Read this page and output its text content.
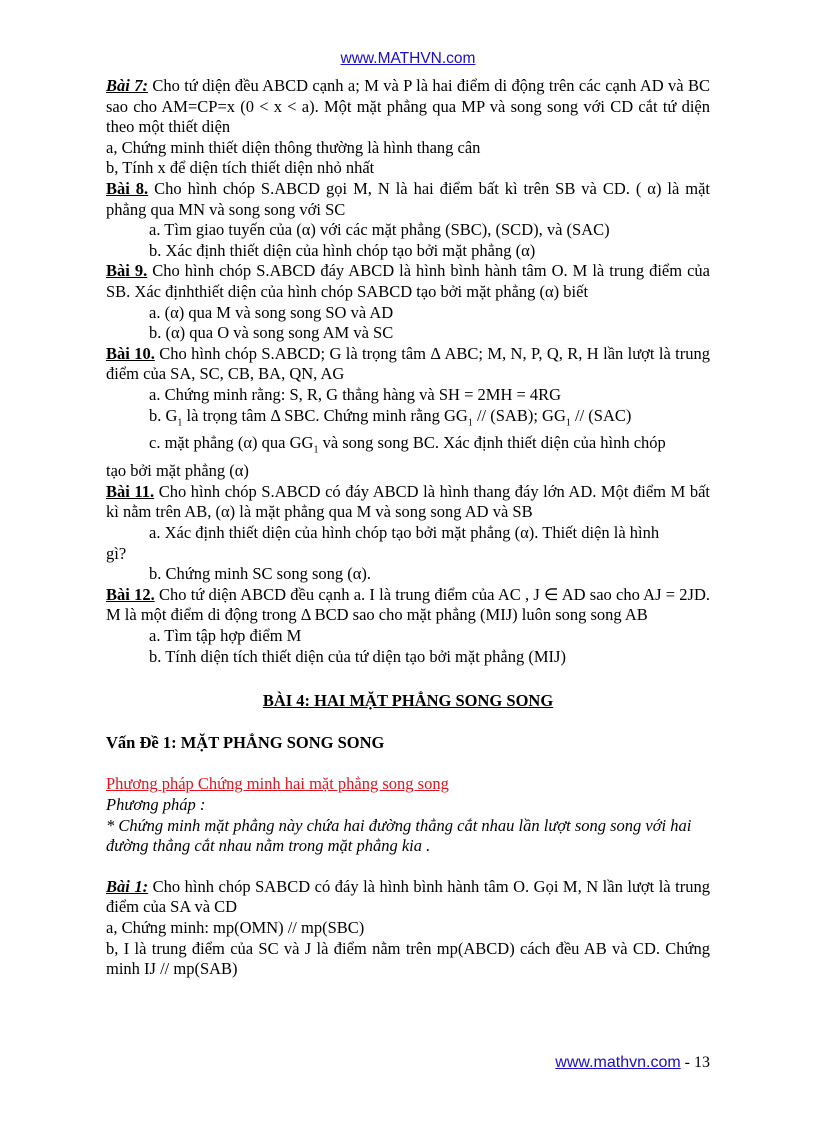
www.MATHVN.com

Bài 7: Cho tứ diện đều ABCD cạnh a; M và P là hai điểm di động trên các cạnh AD và BC sao cho AM=CP=x (0 < x < a). Một mặt phẳng qua MP và song song với CD cắt tứ diện theo một thiết diện

a, Chứng minh thiết diện thông thường là hình thang cân

b, Tính x để diện tích thiết diện nhỏ nhất

Bài 8. Cho hình chóp S.ABCD gọi M, N là hai điểm bất kì trên SB và CD. ( α) là mặt phẳng qua MN và song song với SC

a. Tìm giao tuyến của (α) với các mặt phẳng (SBC), (SCD), và (SAC)

b. Xác định thiết diện của hình chóp tạo bởi mặt phẳng (α)

Bài 9. Cho hình chóp S.ABCD đáy ABCD là hình bình hành tâm O. M là trung điểm của SB. Xác địnhthiết diện của hình chóp SABCD tạo bởi mặt phẳng (α) biết

a. (α) qua M và song song SO và AD

b. (α) qua O và song song AM và SC

Bài 10. Cho hình chóp S.ABCD; G là trọng tâm Δ ABC; M, N, P, Q, R, H lần lượt là trung điểm của SA, SC, CB, BA, QN, AG

a. Chứng minh rằng: S, R, G thẳng hàng và SH = 2MH = 4RG

b. $G_1$ là trọng tâm Δ SBC. Chứng minh rằng $GG_1 // (SAB)$; $GG_1 // (SAC)$

c. mặt phẳng (α) qua $GG_1$ và song song BC. Xác định thiết diện của hình chóp

tạo bởi mặt phẳng (α)

Bài 11. Cho hình chóp S.ABCD có đáy ABCD là hình thang đáy lớn AD. Một điểm M bất kì nằm trên AB, (α) là mặt phẳng qua M và song song AD và SB

a. Xác định thiết diện của hình chóp tạo bởi mặt phẳng (α). Thiết diện là hình

gì?

b. Chứng minh SC song song (α).

Bài 12. Cho tứ diện ABCD đều cạnh a. I là trung điểm của AC , J ∈ AD sao cho AJ = 2JD. M là một điểm di động trong Δ BCD sao cho mặt phẳng (MIJ) luôn song song AB

a. Tìm tập hợp điểm M

b. Tính diện tích thiết diện của tứ diện tạo bởi mặt phẳng (MIJ)

BÀI 4: HAI MẶT PHẲNG SONG SONG

Vấn Đề 1: MẶT PHẲNG SONG SONG

Phương pháp Chứng minh hai mặt phẳng song song

Phương pháp :

* Chứng minh mặt phẳng này chứa hai đường thẳng cắt nhau lần lượt song song với hai đường thẳng cắt nhau nằm trong mặt phẳng kia .

Bài 1: Cho hình chóp SABCD có đáy là hình bình hành tâm O. Gọi M, N lần lượt là trung điểm của SA và CD

a, Chứng minh: mp(OMN) // mp(SBC)

b, I là trung điểm của SC và J là điểm nằm trên mp(ABCD) cách đều AB và CD. Chứng minh IJ // mp(SAB)

www.mathvn.com - 13
